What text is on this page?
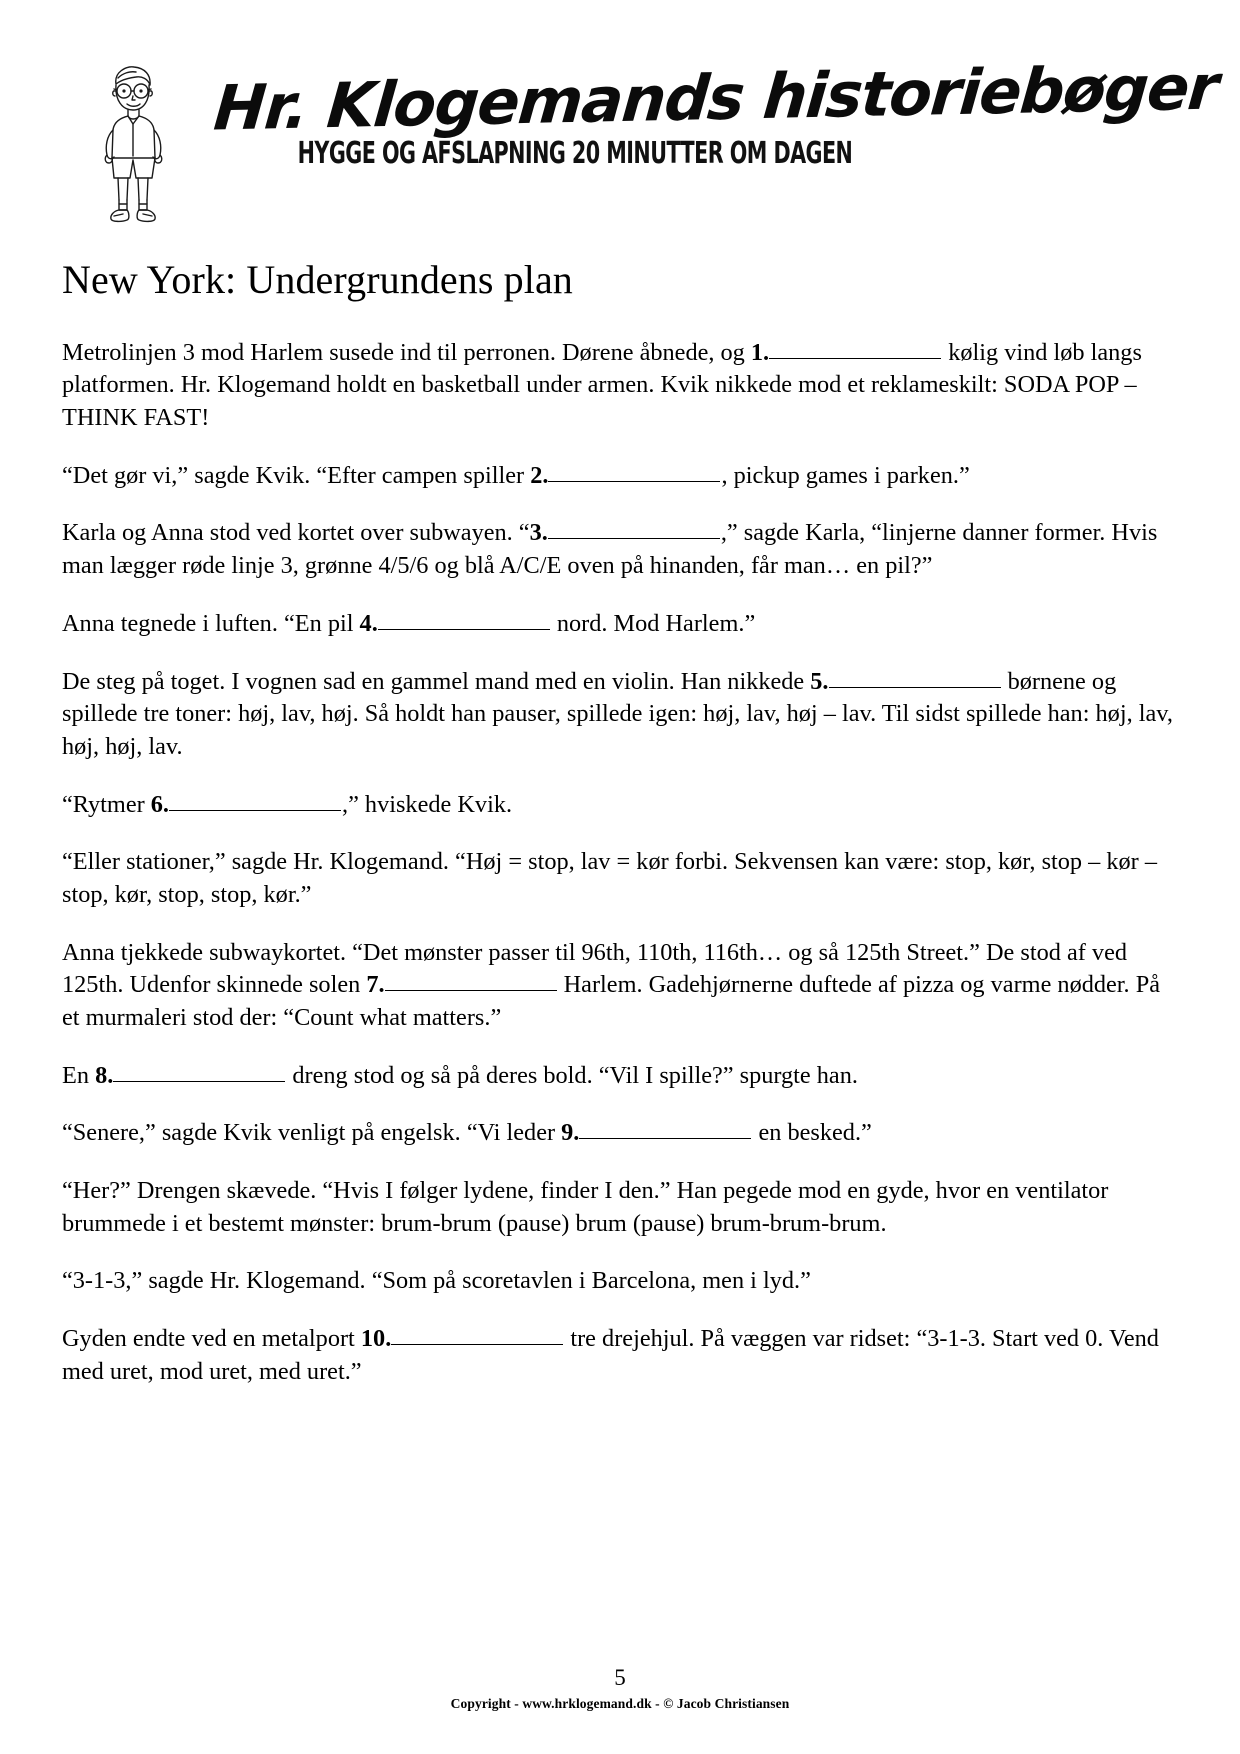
Hr. Klogemands historiebøger
HYGGE OG AFSLAPNING 20 MINUTTER OM DAGEN
New York: Undergrundens plan

Metrolinjen 3 mod Harlem susede ind til perronen. Dørene åbnede, og 1.	kølig vind løb langs platformen. Hr. Klogemand holdt en basketball under armen. Kvik nikkede mod et reklameskilt: SODA POP – THINK FAST!

“Det gør vi,” sagde Kvik. “Efter campen spiller 2.	, pickup games i parken.”

Karla og Anna stod ved kortet over subwayen. “3.	,” sagde Karla, “linjerne danner former. Hvis man lægger røde linje 3, grønne 4/5/6 og blå A/C/E oven på hinanden, får man… en pil?”

Anna tegnede i luften. “En pil 4.	nord. Mod Harlem.”

De steg på toget. I vognen sad en gammel mand med en violin. Han nikkede 5.	børnene og spillede tre toner: høj, lav, høj. Så holdt han pauser, spillede igen: høj, lav, høj – lav. Til sidst spillede han: høj, lav, høj, høj, lav.

“Rytmer 6.	,” hviskede Kvik.

“Eller stationer,” sagde Hr. Klogemand. “Høj = stop, lav = kør forbi. Sekvensen kan være: stop, kør, stop – kør – stop, kør, stop, stop, kør.”

Anna tjekkede subwaykortet. “Det mønster passer til 96th, 110th, 116th… og så 125th Street.” De stod af ved 125th. Udenfor skinnede solen 7.	Harlem. Gadehjørnerne duftede af pizza og varme nødder. På et murmaleri stod der: “Count what matters.”

En 8.	dreng stod og så på deres bold. “Vil I spille?” spurgte han.

“Senere,” sagde Kvik venligt på engelsk. “Vi leder 9.	en besked.”

“Her?” Drengen skævede. “Hvis I følger lydene, finder I den.” Han pegede mod en gyde, hvor en ventilator brummede i et bestemt mønster: brum-brum (pause) brum (pause) brum-brum-brum.

“3-1-3,” sagde Hr. Klogemand. “Som på scoretavlen i Barcelona, men i lyd.”

Gyden endte ved en metalport 10.	tre drejehjul. På væggen var ridset: “3-1-3. Start ved 0. Vend med uret, mod uret, med uret.”

5
Copyright - www.hrklogemand.dk - © Jacob Christiansen
